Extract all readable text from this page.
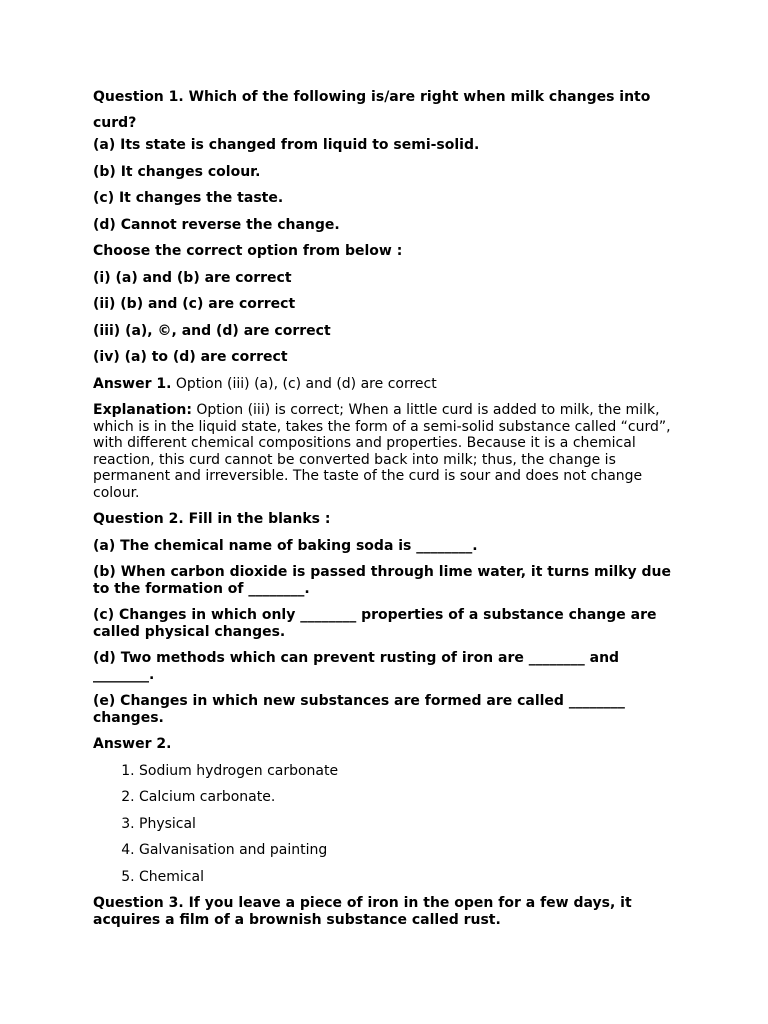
Question 1. Which of the following is/are right when milk changes into curd?

(a) Its state is changed from liquid to semi-solid.

(b) It changes colour.

(c) It changes the taste.

(d) Cannot reverse the change.

Choose the correct option from below :

(i) (a) and (b) are correct

(ii) (b) and (c) are correct

(iii) (a), ©, and (d) are correct

(iv) (a) to (d) are correct

Answer 1. Option (iii) (a), (c) and (d) are correct

Explanation: Option (iii) is correct; When a little curd is added to milk, the milk, which is in the liquid state, takes the form of a semi-solid substance called “curd”, with different chemical compositions and properties. Because it is a chemical reaction, this curd cannot be converted back into milk; thus, the change is permanent and irreversible. The taste of the curd is sour and does not change colour.

Question 2. Fill in the blanks :

(a) The chemical name of baking soda is ________.

(b) When carbon dioxide is passed through lime water, it turns milky due to the formation of ________.

(c) Changes in which only ________ properties of a substance change are called physical changes.

(d) Two methods which can prevent rusting of iron are ________ and ________.

(e) Changes in which new substances are formed are called ________ changes.

Answer 2.

1. Sodium hydrogen carbonate
2. Calcium carbonate.
3. Physical
4. Galvanisation and painting
5. Chemical

Question 3. If you leave a piece of iron in the open for a few days, it acquires a film of a brownish substance called rust.
